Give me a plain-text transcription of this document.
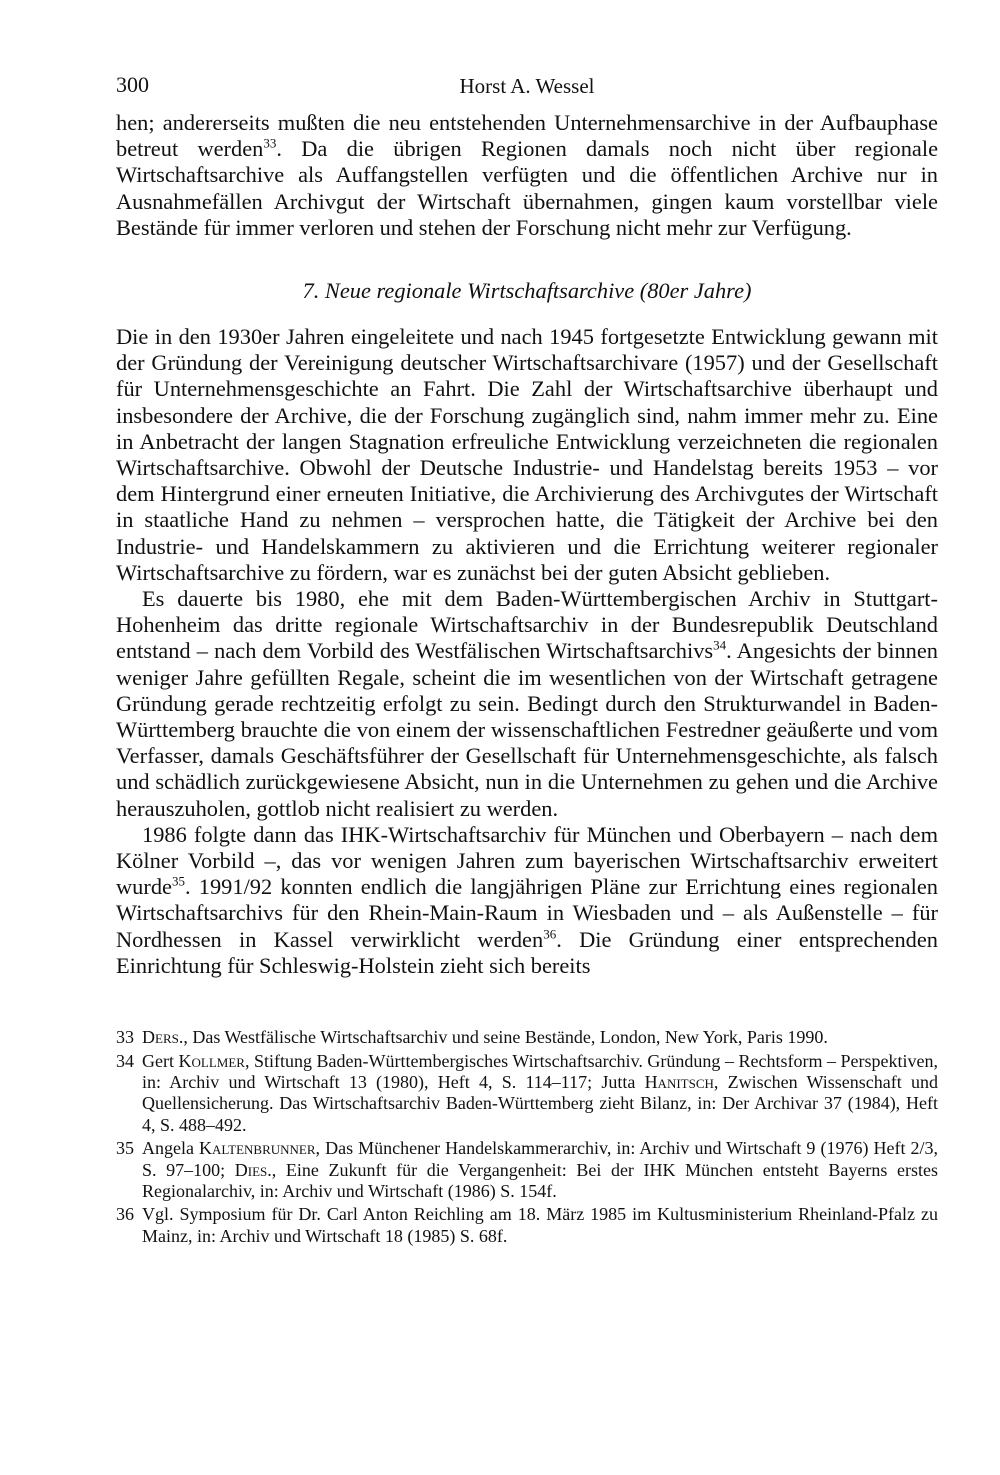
300	Horst A. Wessel

hen; andererseits mußten die neu entstehenden Unternehmensarchive in der Aufbauphase betreut werden$^{33}$. Da die übrigen Regionen damals noch nicht über regionale Wirtschaftsarchive als Auffangstellen verfügten und die öffentlichen Archive nur in Ausnahmefällen Archivgut der Wirtschaft übernahmen, gingen kaum vorstellbar viele Bestände für immer verloren und stehen der Forschung nicht mehr zur Verfügung.

7. Neue regionale Wirtschaftsarchive (80er Jahre)

Die in den 1930er Jahren eingeleitete und nach 1945 fortgesetzte Entwicklung gewann mit der Gründung der Vereinigung deutscher Wirtschaftsarchivare (1957) und der Gesellschaft für Unternehmensgeschichte an Fahrt. Die Zahl der Wirtschaftsarchive überhaupt und insbesondere der Archive, die der Forschung zugänglich sind, nahm immer mehr zu. Eine in Anbetracht der langen Stagnation erfreuliche Entwicklung verzeichneten die regionalen Wirtschaftsarchive. Obwohl der Deutsche Industrie- und Handelstag bereits 1953 – vor dem Hintergrund einer erneuten Initiative, die Archivierung des Archivgutes der Wirtschaft in staatliche Hand zu nehmen – versprochen hatte, die Tätigkeit der Archive bei den Industrie- und Handelskammern zu aktivieren und die Errichtung weiterer regionaler Wirtschaftsarchive zu fördern, war es zunächst bei der guten Absicht geblieben.

Es dauerte bis 1980, ehe mit dem Baden-Württembergischen Archiv in Stuttgart-Hohenheim das dritte regionale Wirtschaftsarchiv in der Bundesrepublik Deutschland entstand – nach dem Vorbild des Westfälischen Wirtschaftsarchivs$^{34}$. Angesichts der binnen weniger Jahre gefüllten Regale, scheint die im wesentlichen von der Wirtschaft getragene Gründung gerade rechtzeitig erfolgt zu sein. Bedingt durch den Strukturwandel in Baden-Württemberg brauchte die von einem der wissenschaftlichen Festredner geäußerte und vom Verfasser, damals Geschäftsführer der Gesellschaft für Unternehmensgeschichte, als falsch und schädlich zurückgewiesene Absicht, nun in die Unternehmen zu gehen und die Archive herauszuholen, gottlob nicht realisiert zu werden.

1986 folgte dann das IHK-Wirtschaftsarchiv für München und Oberbayern – nach dem Kölner Vorbild –, das vor wenigen Jahren zum bayerischen Wirtschaftsarchiv erweitert wurde$^{35}$. 1991/92 konnten endlich die langjährigen Pläne zur Errichtung eines regionalen Wirtschaftsarchivs für den Rhein-Main-Raum in Wiesbaden und – als Außenstelle – für Nordhessen in Kassel verwirklicht werden$^{36}$. Die Gründung einer entsprechenden Einrichtung für Schleswig-Holstein zieht sich bereits

33 Ders., Das Westfälische Wirtschaftsarchiv und seine Bestände, London, New York, Paris 1990.
34 Gert Kollmer, Stiftung Baden-Württembergisches Wirtschaftsarchiv. Gründung – Rechtsform – Perspektiven, in: Archiv und Wirtschaft 13 (1980), Heft 4, S. 114–117; Jutta Hanitsch, Zwischen Wissenschaft und Quellensicherung. Das Wirtschaftsarchiv Baden-Württemberg zieht Bilanz, in: Der Archivar 37 (1984), Heft 4, S. 488–492.
35 Angela Kaltenbrunner, Das Münchener Handelskammerarchiv, in: Archiv und Wirtschaft 9 (1976) Heft 2/3, S. 97–100; Dies., Eine Zukunft für die Vergangenheit: Bei der IHK München entsteht Bayerns erstes Regionalarchiv, in: Archiv und Wirtschaft (1986) S. 154f.
36 Vgl. Symposium für Dr. Carl Anton Reichling am 18. März 1985 im Kultusministerium Rheinland-Pfalz zu Mainz, in: Archiv und Wirtschaft 18 (1985) S. 68f.
